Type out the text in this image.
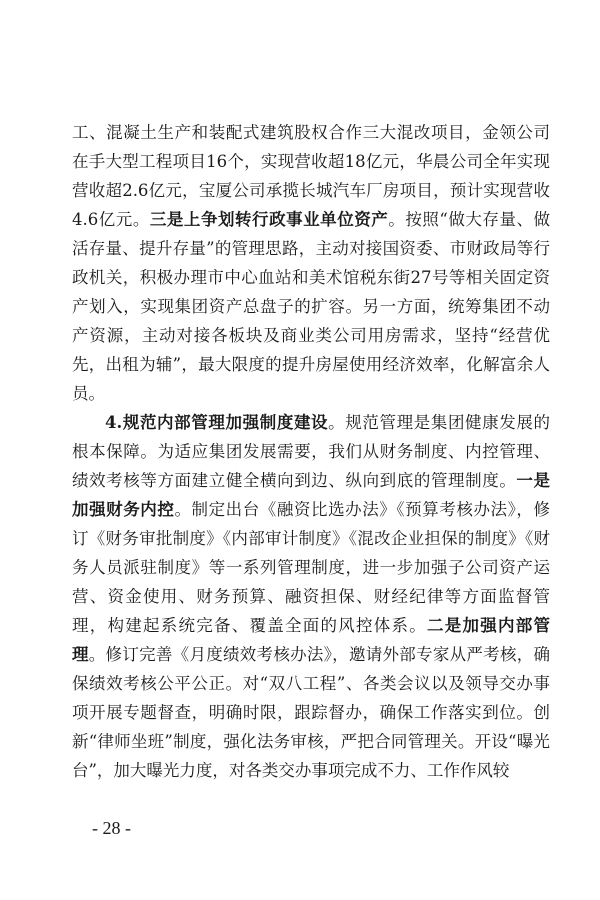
工、混凝土生产和装配式建筑股权合作三大混改项目，金领公司在手大型工程项目16个，实现营收超18亿元，华晨公司全年实现营收超2.6亿元，宝厦公司承揽长城汽车厂房项目，预计实现营收4.6亿元。三是上争划转行政事业单位资产。按照“做大存量、做活存量、提升存量”的管理思路，主动对接国资委、市财政局等行政机关，积极办理市中心血站和美术馆税东街27号等相关固定资产划入，实现集团资产总盘子的扩容。另一方面，统筹集团不动产资源，主动对接各板块及商业类公司用房需求，坚持“经营优先，出租为辅”，最大限度的提升房屋使用经济效率，化解富余人员。

4.规范内部管理加强制度建设。规范管理是集团健康发展的根本保障。为适应集团发展需要，我们从财务制度、内控管理、绩效考核等方面建立健全横向到边、纵向到底的管理制度。一是加强财务内控。制定出台《融资比选办法》《预算考核办法》，修订《财务审批制度》《内部审计制度》《混改企业担保的制度》《财务人员派驻制度》等一系列管理制度，进一步加强子公司资产运营、资金使用、财务预算、融资担保、财经纪律等方面监督管理，构建起系统完备、覆盖全面的风控体系。二是加强内部管理。修订完善《月度绩效考核办法》，邀请外部专家从严考核，确保绩效考核公平公正。对“双八工程”、各类会议以及领导交办事项开展专题督查，明确时限，跟踪督办，确保工作落实到位。创新“律师坐班”制度，强化法务审核，严把合同管理关。开设“曝光台”，加大曝光力度，对各类交办事项完成不力、工作作风较

- 28 -
